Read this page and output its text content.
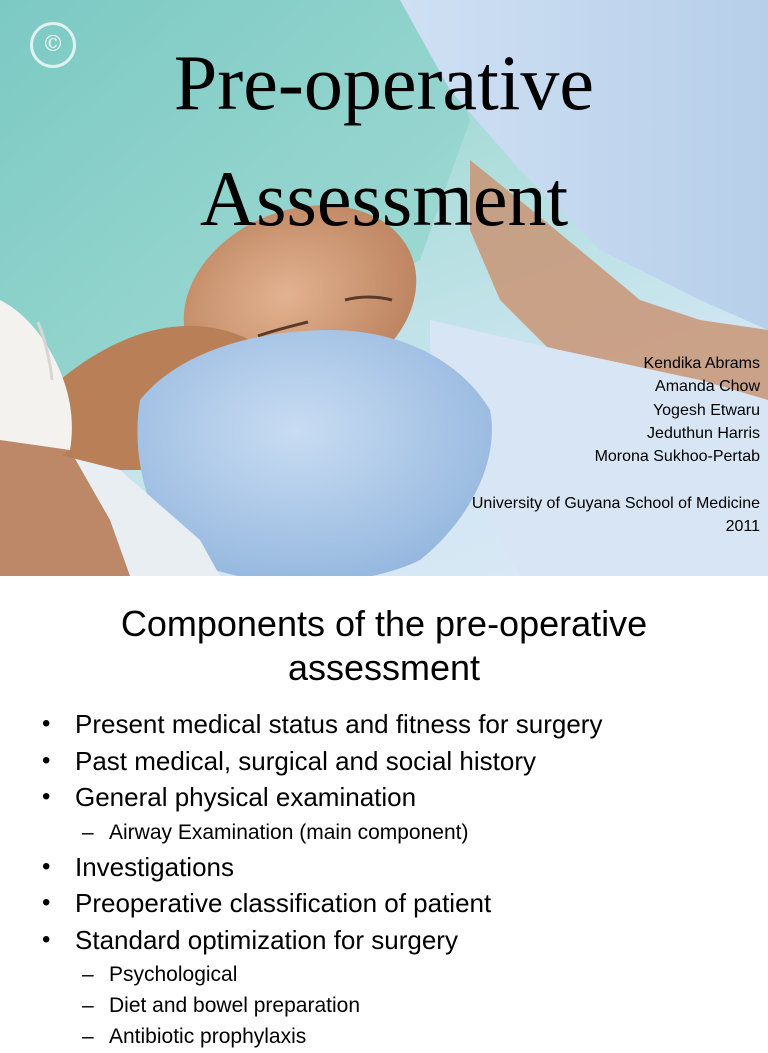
©	Pre-operative
Assessment
Kendika Abrams
Amanda Chow
Yogesh Etwaru
Jeduthun Harris
Morona Sukhoo-Pertab
University of Guyana School of Medicine
2011
Components of the pre-operative
assessment
• Present medical status and fitness for surgery
• Past medical, surgical and social history
• General physical examination
– Airway Examination (main component)
• Investigations
• Preoperative classification of patient
• Standard optimization for surgery
– Psychological
– Diet and bowel preparation
– Antibiotic prophylaxis
